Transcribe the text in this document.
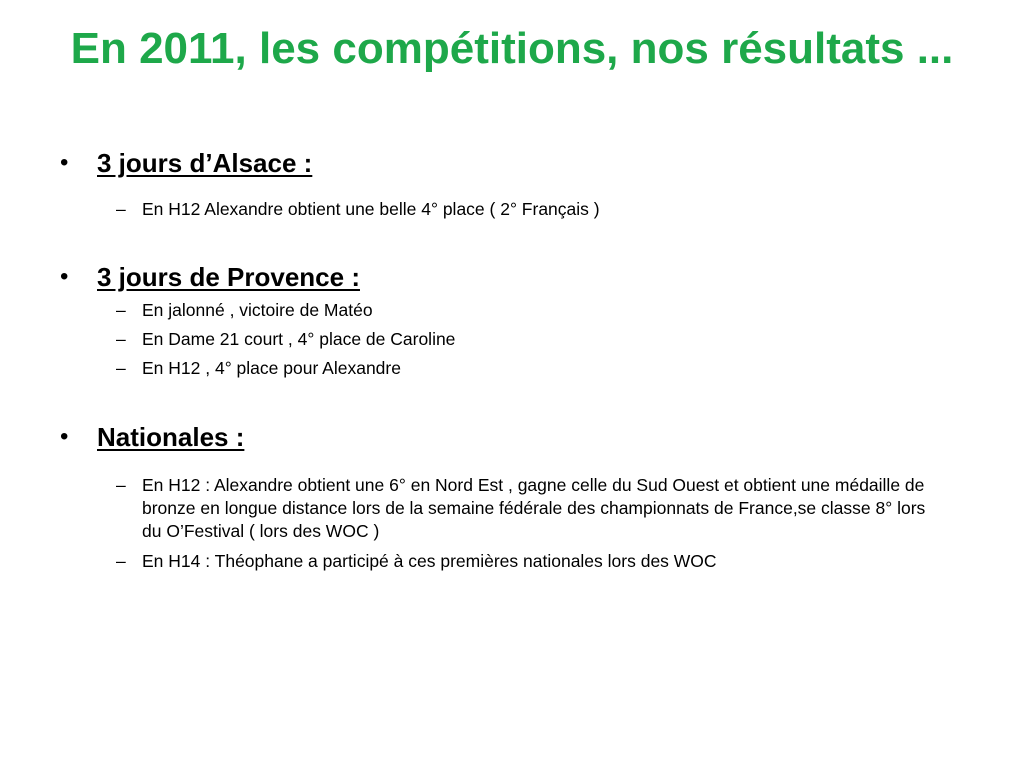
En 2011, les compétitions, nos résultats ...
• 3 jours d’Alsace :
– En H12 Alexandre obtient une belle 4° place ( 2° Français )
• 3 jours de Provence :
– En jalonné , victoire de Matéo
– En Dame 21 court , 4° place de Caroline
– En H12 , 4° place pour Alexandre
• Nationales :
– En H12 : Alexandre obtient une 6° en Nord Est , gagne celle du Sud Ouest et obtient une médaille de bronze en longue distance lors de la semaine fédérale des championnats de France,se classe 8° lors du O’Festival ( lors des WOC )
– En H14 : Théophane a participé à ces premières nationales lors des WOC
